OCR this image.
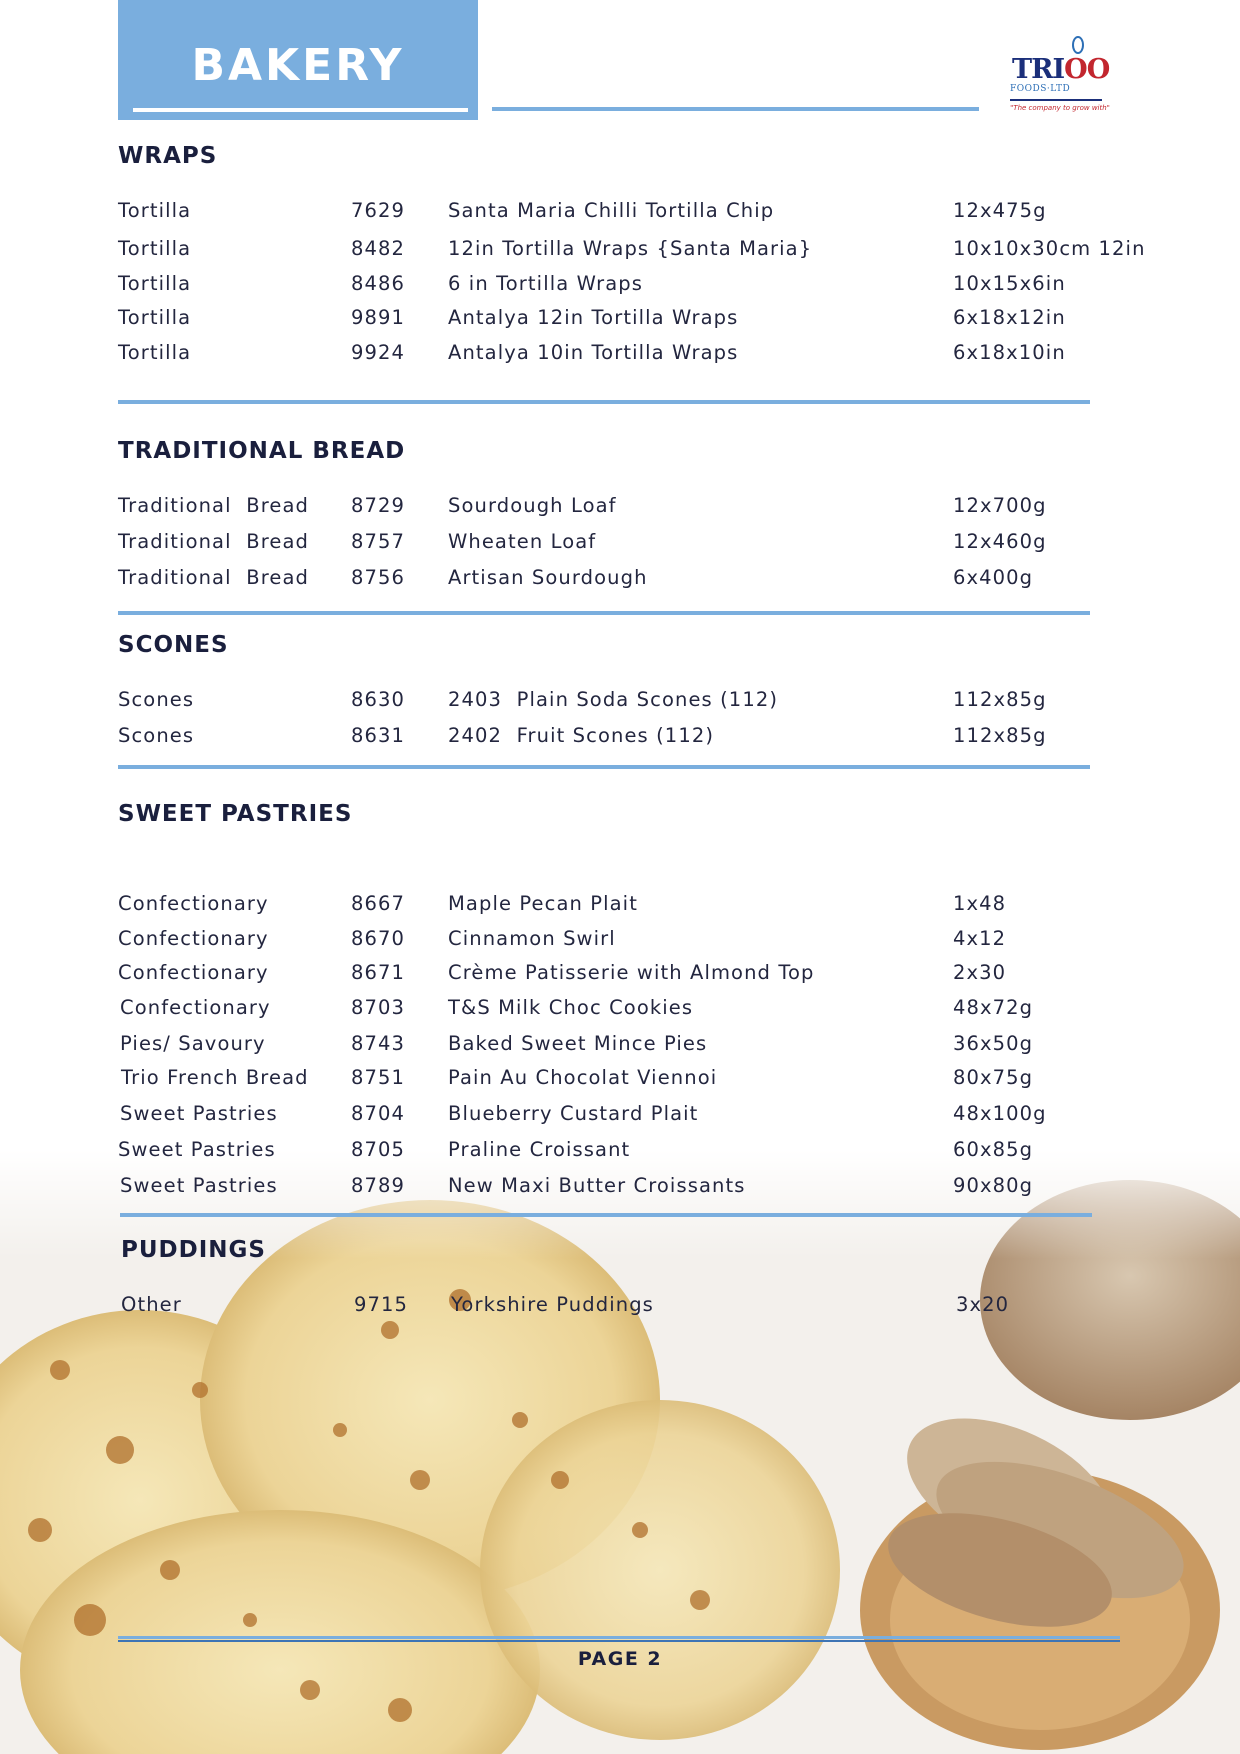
BAKERY	TRIOO
FOODS·LTD
"The company to grow with"
WRAPS
Tortilla	7629 Santa Maria Chilli Tortilla Chip	12x475g
Tortilla	8482 12in Tortilla Wraps {Santa Maria}	10x10x30cm 12in
Tortilla	8486 6 in Tortilla Wraps	10x15x6in
Tortilla	9891 Antalya 12in Tortilla Wraps	6x18x12in
Tortilla	9924 Antalya 10in Tortilla Wraps	6x18x10in
TRADITIONAL BREAD
Traditional  Bread 8729 Sourdough Loaf	12x700g
Traditional  Bread 8757 Wheaten Loaf	12x460g
Traditional  Bread 8756 Artisan Sourdough	6x400g
SCONES
Scones	8630 2403  Plain Soda Scones (112)	112x85g
Scones	8631 2402  Fruit Scones (112)	112x85g
SWEET PASTRIES
Confectionary	8667 Maple Pecan Plait	1x48
Confectionary	8670 Cinnamon Swirl	4x12
Confectionary	8671 Crème Patisserie with Almond Top	2x30
Confectionary	8703 T&S Milk Choc Cookies	48x72g
Pies/ Savoury	8743 Baked Sweet Mince Pies	36x50g
Trio French Bread 8751 Pain Au Chocolat Viennoi	80x75g
Sweet Pastries	8704 Blueberry Custard Plait	48x100g
Sweet Pastries	8705 Praline Croissant	60x85g
Sweet Pastries	8789 New Maxi Butter Croissants	90x80g
PUDDINGS
Other	9715 Yorkshire Puddings	3x20
PAGE 2
